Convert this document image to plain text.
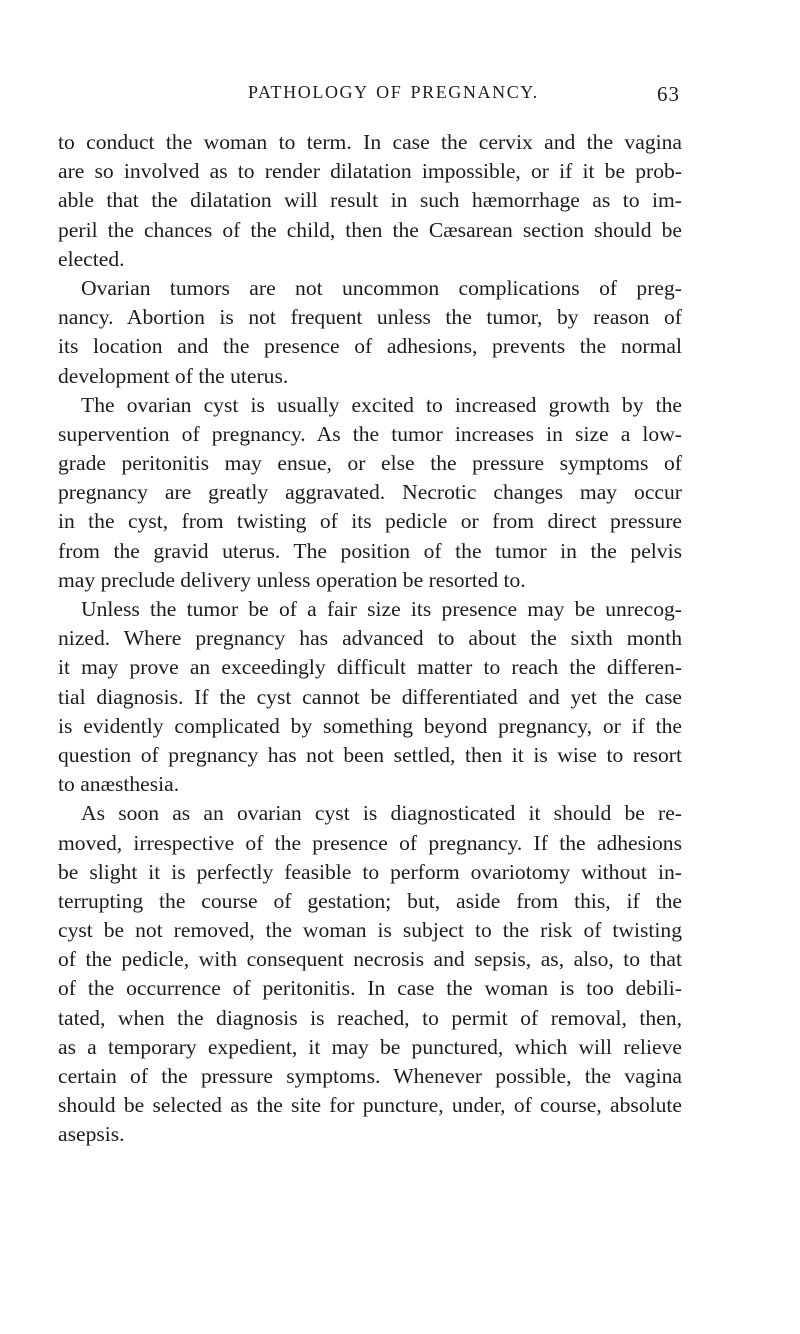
PATHOLOGY OF PREGNANCY.	63
to conduct the woman to term. In case the cervix and the vagina
are so involved as to render dilatation impossible, or if it be prob-
able that the dilatation will result in such hæmorrhage as to im-
peril the chances of the child, then the Cæsarean section should be
elected.
Ovarian tumors are not uncommon complications of preg-
nancy. Abortion is not frequent unless the tumor, by reason of
its location and the presence of adhesions, prevents the normal
development of the uterus.
The ovarian cyst is usually excited to increased growth by the
supervention of pregnancy. As the tumor increases in size a low-
grade peritonitis may ensue, or else the pressure symptoms of
pregnancy are greatly aggravated. Necrotic changes may occur
in the cyst, from twisting of its pedicle or from direct pressure
from the gravid uterus. The position of the tumor in the pelvis
may preclude delivery unless operation be resorted to.
Unless the tumor be of a fair size its presence may be unrecog-
nized. Where pregnancy has advanced to about the sixth month
it may prove an exceedingly difficult matter to reach the differen-
tial diagnosis. If the cyst cannot be differentiated and yet the case
is evidently complicated by something beyond pregnancy, or if the
question of pregnancy has not been settled, then it is wise to resort
to anæsthesia.
As soon as an ovarian cyst is diagnosticated it should be re-
moved, irrespective of the presence of pregnancy. If the adhesions
be slight it is perfectly feasible to perform ovariotomy without in-
terrupting the course of gestation; but, aside from this, if the
cyst be not removed, the woman is subject to the risk of twisting
of the pedicle, with consequent necrosis and sepsis, as, also, to that
of the occurrence of peritonitis. In case the woman is too debili-
tated, when the diagnosis is reached, to permit of removal, then,
as a temporary expedient, it may be punctured, which will relieve
certain of the pressure symptoms. Whenever possible, the vagina
should be selected as the site for puncture, under, of course, absolute
asepsis.
